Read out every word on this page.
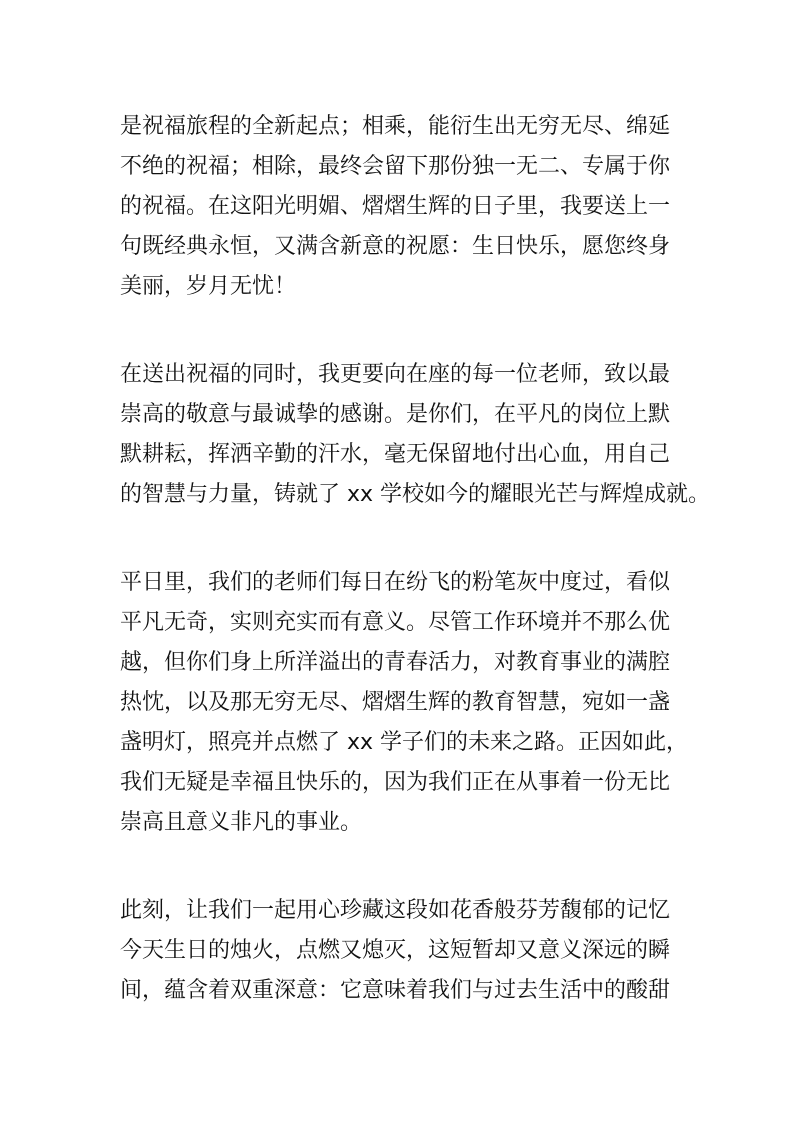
是祝福旅程的全新起点；相乘，能衍生出无穷无尽、绵延

不绝的祝福；相除，最终会留下那份独一无二、专属于你

的祝福。在这阳光明媚、熠熠生辉的日子里，我要送上一

句既经典永恒，又满含新意的祝愿：生日快乐，愿您终身

美丽，岁月无忧！

在送出祝福的同时，我更要向在座的每一位老师，致以最

崇高的敬意与最诚挚的感谢。是你们，在平凡的岗位上默

默耕耘，挥洒辛勤的汗水，毫无保留地付出心血，用自己

的智慧与力量，铸就了 xx 学校如今的耀眼光芒与辉煌成就。

平日里，我们的老师们每日在纷飞的粉笔灰中度过，看似

平凡无奇，实则充实而有意义。尽管工作环境并不那么优

越，但你们身上所洋溢出的青春活力，对教育事业的满腔

热忱，以及那无穷无尽、熠熠生辉的教育智慧，宛如一盏

盏明灯，照亮并点燃了 xx 学子们的未来之路。正因如此，

我们无疑是幸福且快乐的，因为我们正在从事着一份无比

崇高且意义非凡的事业。

此刻，让我们一起用心珍藏这段如花香般芬芳馥郁的记忆

今天生日的烛火，点燃又熄灭，这短暂却又意义深远的瞬

间，蕴含着双重深意：它意味着我们与过去生活中的酸甜
